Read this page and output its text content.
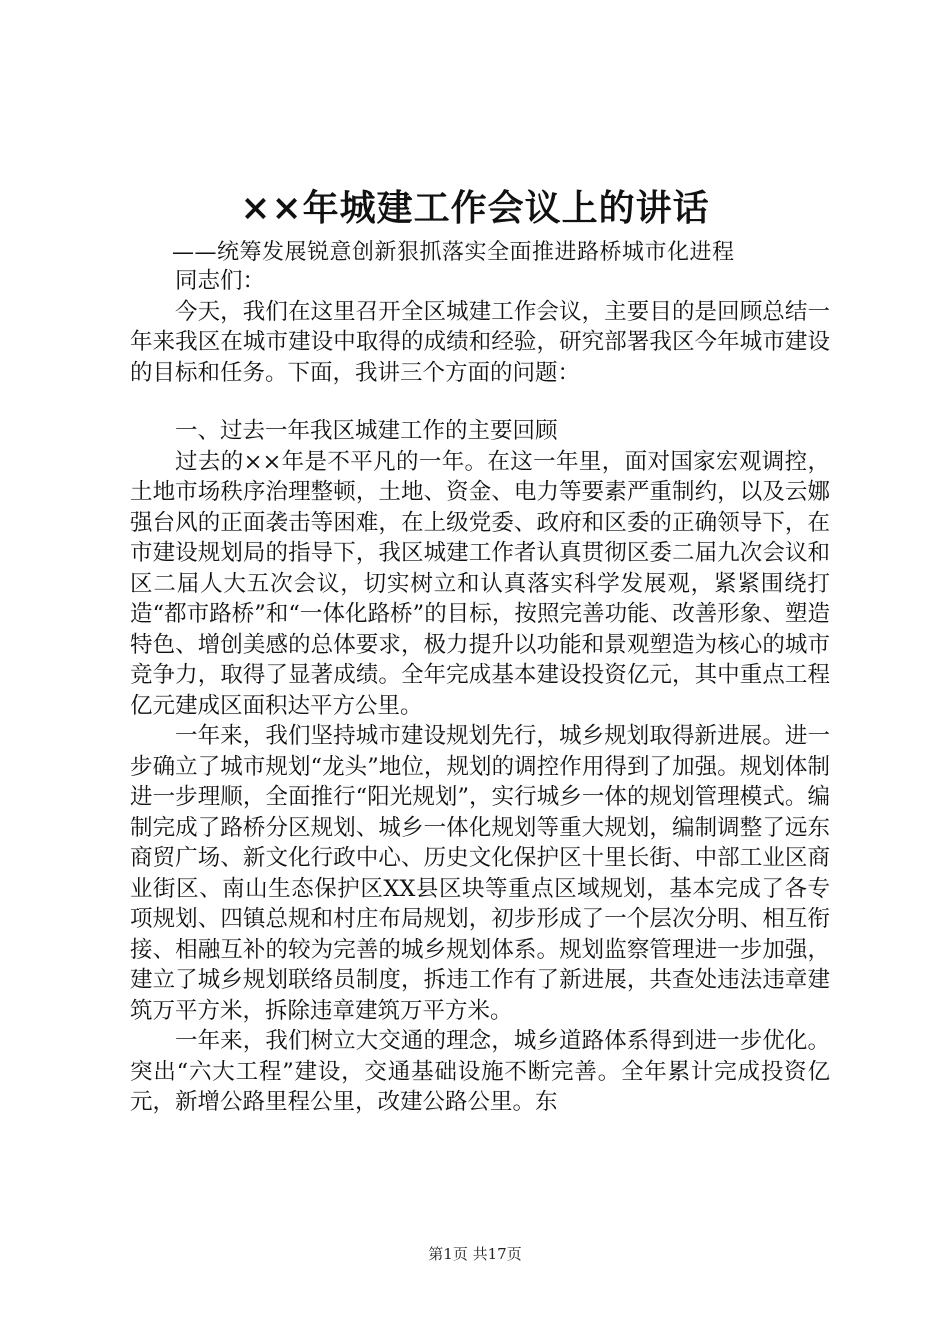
××年城建工作会议上的讲话
——统筹发展锐意创新狠抓落实全面推进路桥城市化进程

同志们：

今天，我们在这里召开全区城建工作会议，主要目的是回顾总结一年来我区在城市建设中取得的成绩和经验，研究部署我区今年城市建设的目标和任务。下面，我讲三个方面的问题：

一、过去一年我区城建工作的主要回顾

过去的××年是不平凡的一年。在这一年里，面对国家宏观调控，土地市场秩序治理整顿，土地、资金、电力等要素严重制约，以及云娜强台风的正面袭击等困难，在上级党委、政府和区委的正确领导下，在市建设规划局的指导下，我区城建工作者认真贯彻区委二届九次会议和区二届人大五次会议，切实树立和认真落实科学发展观，紧紧围绕打造“都市路桥”和“一体化路桥”的目标，按照完善功能、改善形象、塑造特色、增创美感的总体要求，极力提升以功能和景观塑造为核心的城市竞争力，取得了显著成绩。全年完成基本建设投资亿元，其中重点工程亿元建成区面积达平方公里。

一年来，我们坚持城市建设规划先行，城乡规划取得新进展。进一步确立了城市规划“龙头”地位，规划的调控作用得到了加强。规划体制进一步理顺，全面推行“阳光规划”，实行城乡一体的规划管理模式。编制完成了路桥分区规划、城乡一体化规划等重大规划，编制调整了远东商贸广场、新文化行政中心、历史文化保护区十里长街、中部工业区商业街区、南山生态保护区XX县区块等重点区域规划，基本完成了各专项规划、四镇总规和村庄布局规划，初步形成了一个层次分明、相互衔接、相融互补的较为完善的城乡规划体系。规划监察管理进一步加强，建立了城乡规划联络员制度，拆违工作有了新进展，共查处违法违章建筑万平方米，拆除违章建筑万平方米。

一年来，我们树立大交通的理念，城乡道路体系得到进一步优化。突出“六大工程”建设，交通基础设施不断完善。全年累计完成投资亿元，新增公路里程公里，改建公路公里。东

第1页 共17页
